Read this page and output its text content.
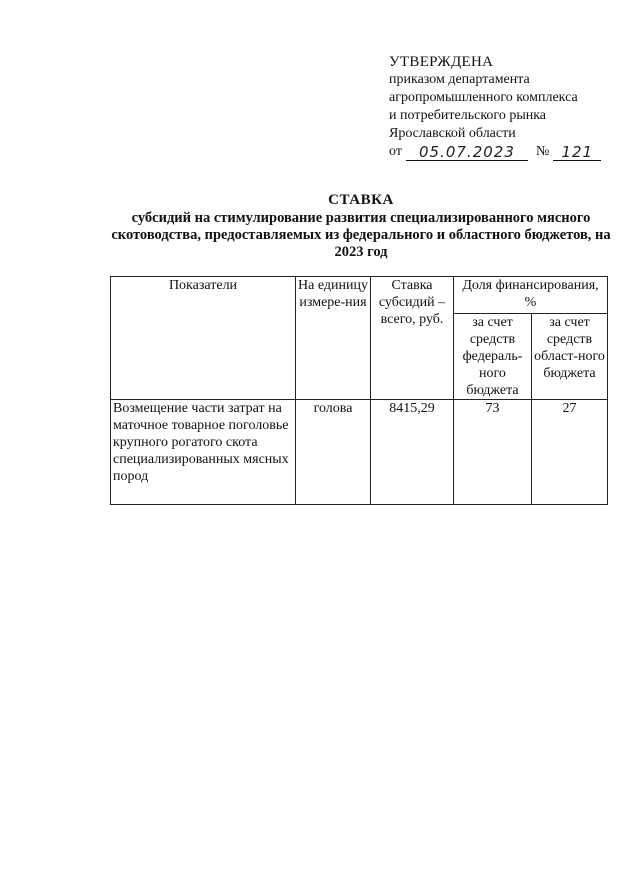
УТВЕРЖДЕНА
приказом департамента
агропромышленного комплекса
и потребительского рынка
Ярославской области
от	05.07.2023	№ 121
СТАВКА
субсидий на стимулирование развития специализированного мясного скотоводства, предоставляемых из федерального и областного бюджетов, на 2023 год
Показатели	На единицу измере-ния	Ставка субсидий – всего, руб.	Доля финансирования, %	
			за счет средств федераль-ного бюджета	за счет средств област-ного бюджета
Возмещение части затрат на маточное товарное поголовье крупного рогатого скота специализированных мясных пород	голова	8415,29	73	27
